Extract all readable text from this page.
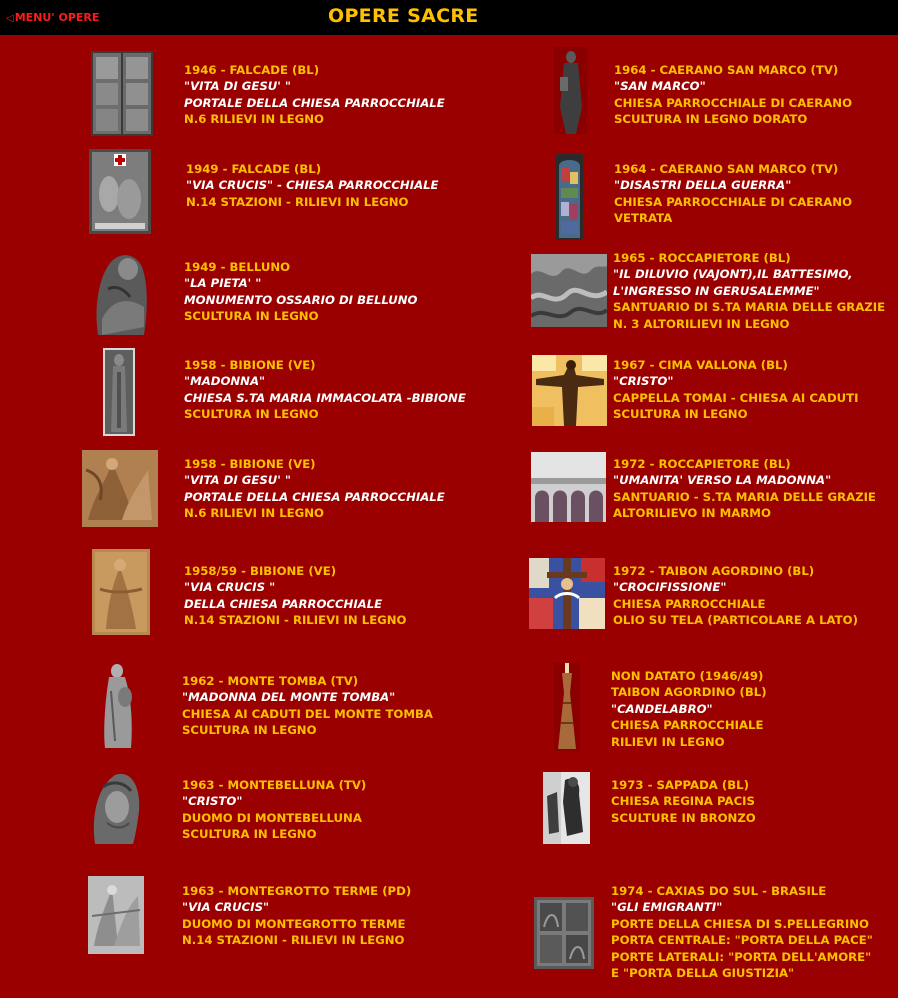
◁MENU' OPERE	OPERE SACRE
1946 - FALCADE (BL)
"VITA DI GESU' "
PORTALE DELLA CHIESA PARROCCHIALE
N.6 RILIEVI IN LEGNO
1949 - FALCADE (BL)
"VIA CRUCIS" - CHIESA PARROCCHIALE
N.14 STAZIONI - RILIEVI IN LEGNO
1949 - BELLUNO
"LA PIETA' "
MONUMENTO OSSARIO DI BELLUNO
SCULTURA IN LEGNO
1958 - BIBIONE (VE)
"MADONNA"
CHIESA S.TA MARIA IMMACOLATA -BIBIONE
SCULTURA IN LEGNO
1958 - BIBIONE (VE)
"VITA DI GESU' "
PORTALE DELLA CHIESA PARROCCHIALE
N.6 RILIEVI IN LEGNO
1958/59 - BIBIONE (VE)
"VIA CRUCIS "
DELLA CHIESA PARROCCHIALE
N.14 STAZIONI - RILIEVI IN LEGNO
1962 - MONTE TOMBA (TV)
"MADONNA DEL MONTE TOMBA"
CHIESA AI CADUTI DEL MONTE TOMBA
SCULTURA IN LEGNO
1963 - MONTEBELLUNA (TV)
"CRISTO"
DUOMO DI MONTEBELLUNA
SCULTURA IN LEGNO
1963 - MONTEGROTTO TERME (PD)
"VIA CRUCIS"
DUOMO DI MONTEGROTTO TERME
N.14 STAZIONI - RILIEVI IN LEGNO
1964 - CAERANO SAN MARCO (TV)
"SAN MARCO"
CHIESA PARROCCHIALE DI CAERANO
SCULTURA IN LEGNO DORATO
1964 - CAERANO SAN MARCO (TV)
"DISASTRI DELLA GUERRA"
CHIESA PARROCCHIALE DI CAERANO
VETRATA
1965 - ROCCAPIETORE (BL)
"IL DILUVIO (VAJONT),IL BATTESIMO,
L'INGRESSO IN GERUSALEMME"
SANTUARIO DI S.TA MARIA DELLE GRAZIE
N. 3 ALTORILIEVI IN LEGNO
1967 - CIMA VALLONA (BL)
"CRISTO"
CAPPELLA TOMAI - CHIESA AI CADUTI
SCULTURA IN LEGNO
1972 - ROCCAPIETORE (BL)
"UMANITA' VERSO LA MADONNA"
SANTUARIO - S.TA MARIA DELLE GRAZIE
ALTORILIEVO IN MARMO
1972 - TAIBON AGORDINO (BL)
"CROCIFISSIONE"
CHIESA PARROCCHIALE
OLIO SU TELA (PARTICOLARE A LATO)
NON DATATO (1946/49)
TAIBON AGORDINO (BL)
"CANDELABRO"
CHIESA PARROCCHIALE
RILIEVI IN LEGNO
1973 - SAPPADA (BL)
CHIESA REGINA PACIS
SCULTURE IN BRONZO
1974 - CAXIAS DO SUL - BRASILE
"GLI EMIGRANTI"
PORTE DELLA CHIESA DI S.PELLEGRINO
PORTA CENTRALE: "PORTA DELLA PACE"
PORTE LATERALI: "PORTA DELL'AMORE"
E "PORTA DELLA GIUSTIZIA"
